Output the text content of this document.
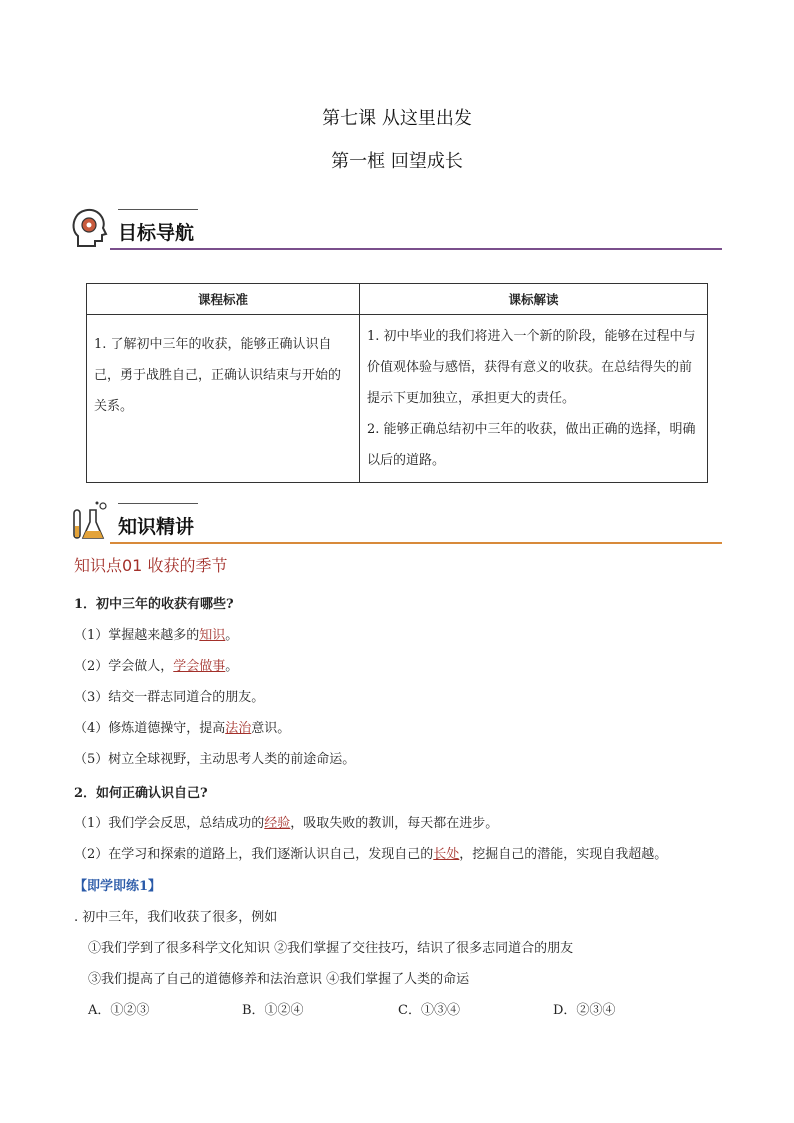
第七课 从这里出发
第一框 回望成长
目标导航
课程标准	课标解读
1. 了解初中三年的收获，能够正确认识自己，勇于战胜自己，正确认识结束与开始的关系。	1. 初中毕业的我们将进入一个新的阶段，能够在过程中与价值观体验与感悟，获得有意义的收获。在总结得失的前提示下更加独立，承担更大的责任。
2. 能够正确总结初中三年的收获，做出正确的选择，明确以后的道路。
知识精讲
知识点01 收获的季节
1．初中三年的收获有哪些?
（1）掌握越来越多的知识。
（2）学会做人，学会做事。
（3）结交一群志同道合的朋友。
（4）修炼道德操守，提高法治意识。
（5）树立全球视野，主动思考人类的前途命运。
2．如何正确认识自己?
（1）我们学会反思，总结成功的经验，吸取失败的教训，每天都在进步。
（2）在学习和探索的道路上，我们逐渐认识自己，发现自己的长处，挖掘自己的潜能，实现自我超越。
【即学即练1】
. 初中三年，我们收获了很多，例如
①我们学到了很多科学文化知识 ②我们掌握了交往技巧，结识了很多志同道合的朋友
③我们提高了自己的道德修养和法治意识 ④我们掌握了人类的命运
A．①②③	B．①②④	C．①③④	D．②③④
